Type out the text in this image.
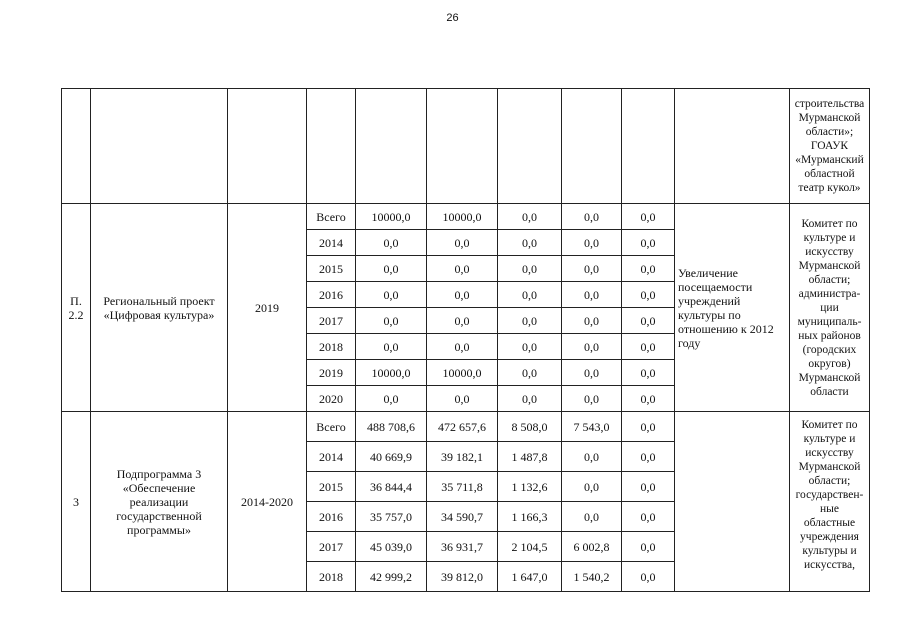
26
										строительства Мурманской области»; ГОАУК «Мурманский областной театр кукол»
П. 2.2	Региональный проект «Цифровая культура»	2019	Всего	10000,0	10000,0	0,0	0,0	0,0	Увеличение посещаемости учреждений культуры по отношению к 2012 году	Комитет по культуре и искусству Мурманской области; администра-ции муниципаль-ных районов (городских округов) Мурманской области
			2014	0,0	0,0	0,0	0,0	0,0		
			2015	0,0	0,0	0,0	0,0	0,0		
			2016	0,0	0,0	0,0	0,0	0,0		
			2017	0,0	0,0	0,0	0,0	0,0		
			2018	0,0	0,0	0,0	0,0	0,0		
			2019	10000,0	10000,0	0,0	0,0	0,0		
			2020	0,0	0,0	0,0	0,0	0,0		
3	Подпрограмма 3 «Обеспечение реализации государственной программы»	2014-2020	Всего	488 708,6	472 657,6	8 508,0	7 543,0	0,0		Комитет по культуре и искусству Мурманской области; государствен-ные областные учреждения культуры и искусства,
			2014	40 669,9	39 182,1	1 487,8	0,0	0,0		
			2015	36 844,4	35 711,8	1 132,6	0,0	0,0		
			2016	35 757,0	34 590,7	1 166,3	0,0	0,0		
			2017	45 039,0	36 931,7	2 104,5	6 002,8	0,0		
			2018	42 999,2	39 812,0	1 647,0	1 540,2	0,0		
